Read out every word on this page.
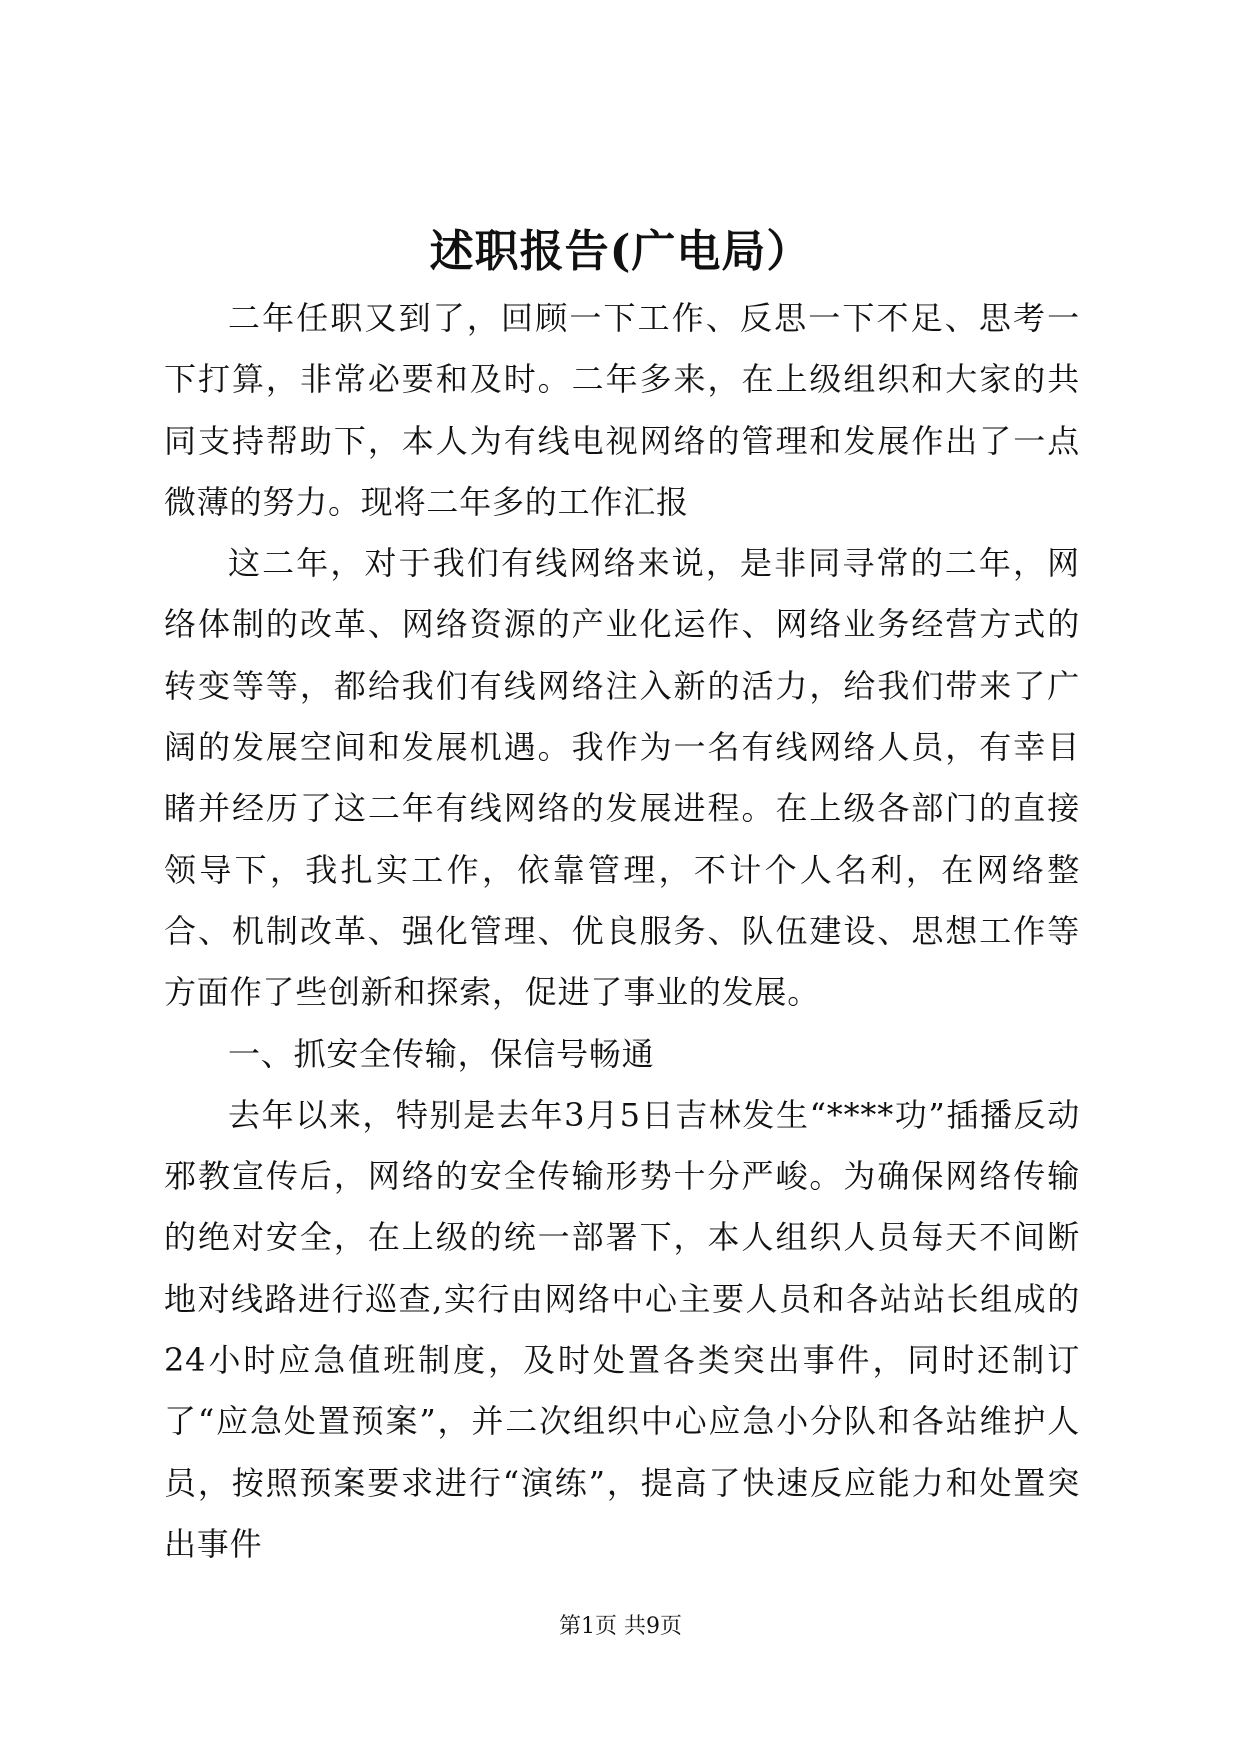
述职报告(广电局）

二年任职又到了，回顾一下工作、反思一下不足、思考一下打算，非常必要和及时。二年多来，在上级组织和大家的共同支持帮助下，本人为有线电视网络的管理和发展作出了一点微薄的努力。现将二年多的工作汇报

这二年，对于我们有线网络来说，是非同寻常的二年，网络体制的改革、网络资源的产业化运作、网络业务经营方式的转变等等，都给我们有线网络注入新的活力，给我们带来了广阔的发展空间和发展机遇。我作为一名有线网络人员，有幸目睹并经历了这二年有线网络的发展进程。在上级各部门的直接领导下，我扎实工作，依靠管理，不计个人名利，在网络整合、机制改革、强化管理、优良服务、队伍建设、思想工作等方面作了些创新和探索，促进了事业的发展。

一、抓安全传输，保信号畅通

去年以来，特别是去年3月5日吉林发生“****功”插播反动邪教宣传后，网络的安全传输形势十分严峻。为确保网络传输的绝对安全，在上级的统一部署下，本人组织人员每天不间断地对线路进行巡查,实行由网络中心主要人员和各站站长组成的24小时应急值班制度，及时处置各类突出事件，同时还制订了“应急处置预案”，并二次组织中心应急小分队和各站维护人员，按照预案要求进行“演练”，提高了快速反应能力和处置突出事件

第1页 共9页
